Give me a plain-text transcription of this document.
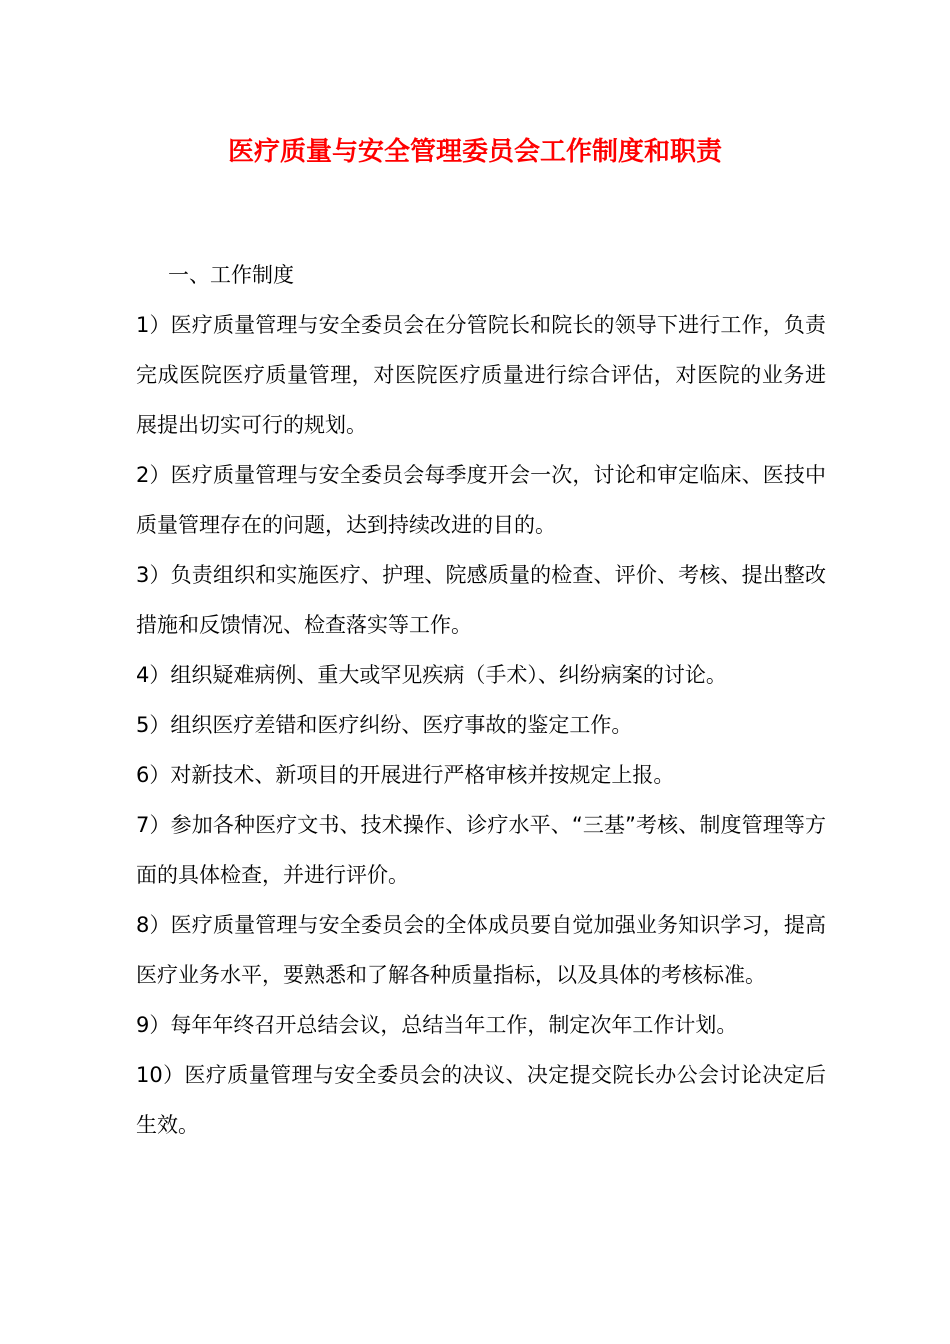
医疗质量与安全管理委员会工作制度和职责

一、工作制度

1）医疗质量管理与安全委员会在分管院长和院长的领导下进行工作，负责完成医院医疗质量管理，对医院医疗质量进行综合评估，对医院的业务进展提出切实可行的规划。

2）医疗质量管理与安全委员会每季度开会一次，讨论和审定临床、医技中质量管理存在的问题，达到持续改进的目的。

3）负责组织和实施医疗、护理、院感质量的检查、评价、考核、提出整改措施和反馈情况、检查落实等工作。

4）组织疑难病例、重大或罕见疾病（手术）、纠纷病案的讨论。

5）组织医疗差错和医疗纠纷、医疗事故的鉴定工作。

6）对新技术、新项目的开展进行严格审核并按规定上报。

7）参加各种医疗文书、技术操作、诊疗水平、“三基”考核、制度管理等方面的具体检查，并进行评价。

8）医疗质量管理与安全委员会的全体成员要自觉加强业务知识学习，提高医疗业务水平，要熟悉和了解各种质量指标，以及具体的考核标准。

9）每年年终召开总结会议，总结当年工作，制定次年工作计划。

10）医疗质量管理与安全委员会的决议、决定提交院长办公会讨论决定后生效。
